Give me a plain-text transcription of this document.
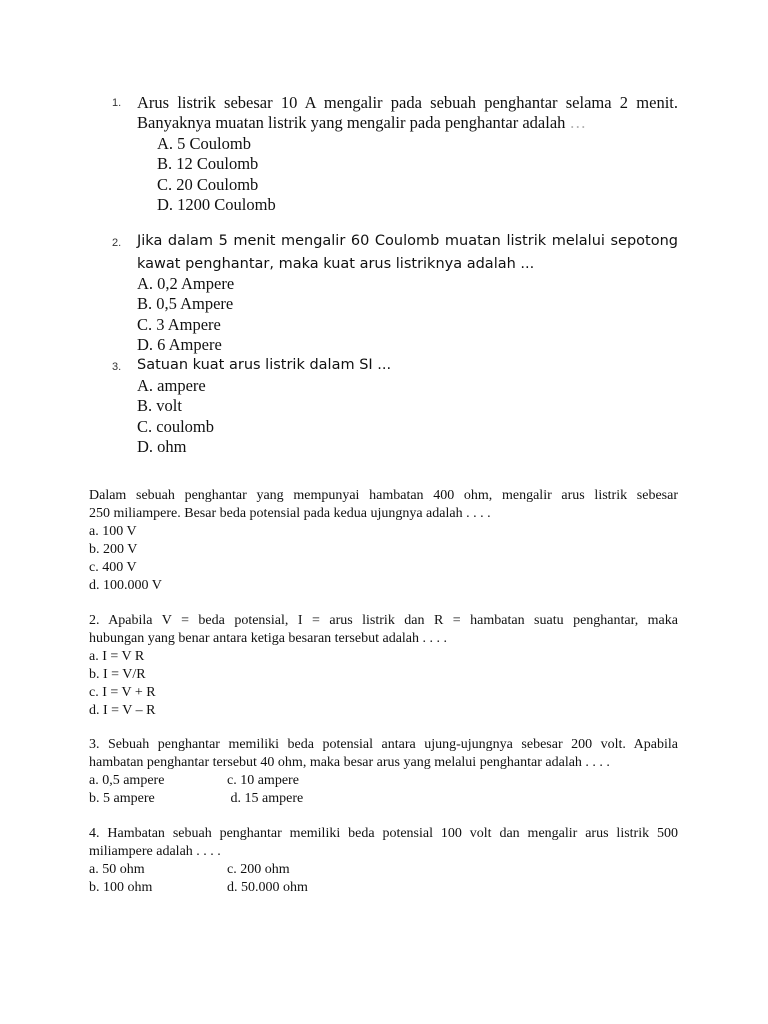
1. Arus listrik sebesar 10 A mengalir pada sebuah penghantar selama 2 menit.
Banyaknya muatan listrik yang mengalir pada penghantar adalah …
A. 5 Coulomb
B. 12 Coulomb
C. 20 Coulomb
D. 1200 Coulomb
2. Jika dalam 5 menit mengalir 60 Coulomb muatan listrik melalui sepotong
kawat penghantar, maka kuat arus listriknya adalah ...
A. 0,2 Ampere
B. 0,5 Ampere
C. 3 Ampere
D. 6 Ampere
3. Satuan kuat arus listrik dalam SI ...
A. ampere
B. volt
C. coulomb
D. ohm
Dalam sebuah penghantar yang mempunyai hambatan 400 ohm, mengalir arus listrik sebesar
250 miliampere. Besar beda potensial pada kedua ujungnya adalah . . . .
a. 100 V
b. 200 V
c. 400 V
d. 100.000 V
2. Apabila V = beda potensial, I = arus listrik dan R = hambatan suatu penghantar, maka
hubungan yang benar antara ketiga besaran tersebut adalah . . . .
a. I = V R
b. I = V/R
c. I = V + R
d. I = V – R
3. Sebuah penghantar memiliki beda potensial antara ujung-ujungnya sebesar 200 volt. Apabila
hambatan penghantar tersebut 40 ohm, maka besar arus yang melalui penghantar adalah . . . .
a. 0,5 ampere	c. 10 ampere
b. 5 ampere	d. 15 ampere
4. Hambatan sebuah penghantar memiliki beda potensial 100 volt dan mengalir arus listrik 500
miliampere adalah . . . .
a. 50 ohm	c. 200 ohm
b. 100 ohm	d. 50.000 ohm
